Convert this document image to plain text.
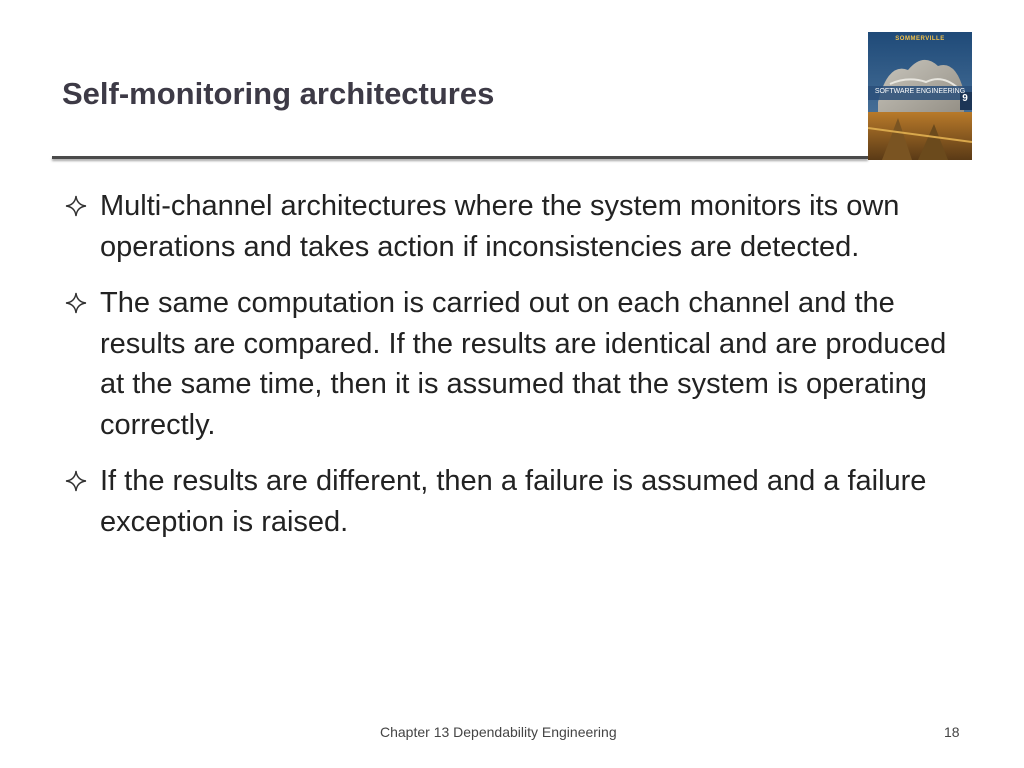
Self-monitoring architectures
SOMMERVILLE
SOFTWARE ENGINEERING
9
Multi-channel architectures where the system monitors its own operations and takes action if inconsistencies are detected.
The same computation is carried out on each channel and the results are compared. If the results are identical and are produced at the same time, then it is assumed that the system is operating correctly.
If the results are different, then a failure is assumed and a failure exception is raised.
Chapter 13 Dependability Engineering	18
